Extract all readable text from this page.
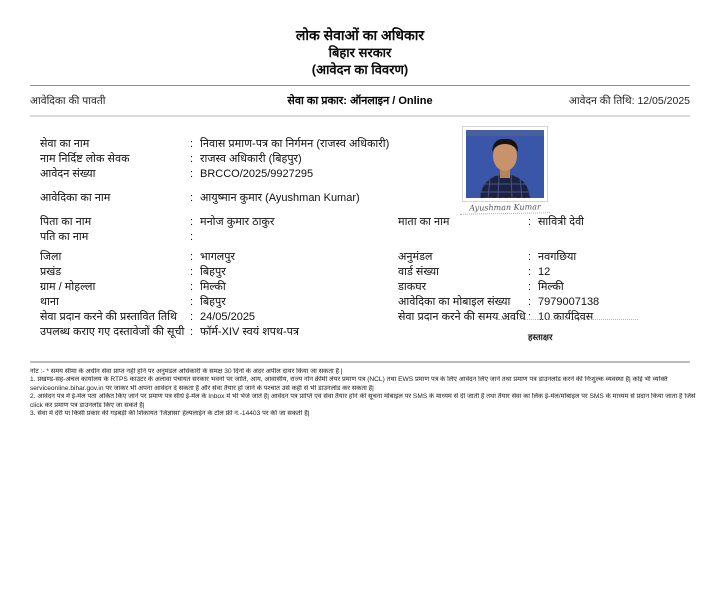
लोक सेवाओं का अधिकार
बिहार सरकार
(आवेदन का विवरण)
आवेदिका की पावती	सेवा का प्रकार: ऑनलाइन / Online	आवेदन की तिथि: 12/05/2025
Ayushman Kumar
सेवा का नाम	: निवास प्रमाण-पत्र का निर्गमन (राजस्व अधिकारी)
नाम निर्दिष्ट लोक सेवक	: राजस्व अधिकारी (बिहपुर)
आवेदन संख्या	: BRCCO/2025/9927295
आवेदिका का नाम	: आयुष्मान कुमार (Ayushman Kumar)
पिता का नाम	: मनोज कुमार ठाकुर	माता का नाम	: सावित्री देवी
पति का नाम	:
जिला	: भागलपुर	अनुमंडल	: नवगछिया
प्रखंड	: बिहपुर	वार्ड संख्या	: 12
ग्राम / मोहल्ला	: मिल्की	डाकघर	: मिल्की
थाना	: बिहपुर	आवेदिका का मोबाइल संख्या	: 7979007138
सेवा प्रदान करने की प्रस्तावित तिथि	: 24/05/2025	सेवा प्रदान करने की समय अवधि : 10 कार्यदिवस
उपलब्ध कराए गए दस्तावेजों की सूची : फॉर्म-XIV स्वयं शपथ-पत्र	हस्ताक्षर
नोट :- * समय सीमा के अधीन सेवा प्राप्त नहीं होने पर अनुमंडल अधिकारी के समक्ष 30 दिनों के अंदर अपील दायर किया जा सकता है |
1. प्रखण्ड-सह-अंचल कार्यालय के RTPS काउंटर के अलावा पंचायत सरकार भवनों पर जाति, आय, आवासीय, राज्य नॉन क्रीमी लेयर प्रमाण पत्र (NCL) तथा EWS प्रमाण पत्र के लिए आवेदन लिए जाने तथा प्रमाण पत्र डाउनलोड करने की निःशुल्क व्यवस्था है| कोई भी व्यक्ति
serviceonline.bihar.gov.in पर जाकर भी अपना आवेदन दे सकता है और सेवा तैयार हो जाने के पश्चात उसे कहीं से भी डाउनलोड कर सकता है|
2. आवेदन पत्र में ई-मेल पता अंकित किए जाने पर प्रमाण पत्र सीधे ई-मेल के Inbox में भी भेजे जाते हैं| आवेदन पत्र प्राप्ति एवं सेवा तैयार होने की सूचना मोबाइल पर SMS के माध्यम से दी जाती है तथा तैयार सेवा का लिंक ई-मेल/मोबाइल पर SMS के माध्यम से प्रदान किया जाता है जिसे
click कर प्रमाण पत्र डाउनलोड किए जा सकते हैं|
3. सेवा में देरी या किसी प्रकार की गड़बड़ी की शिकायत 'जिज्ञासा' हेल्पलाईन के टॉल फ्री नं.-14403 पर की जा सकती है|
